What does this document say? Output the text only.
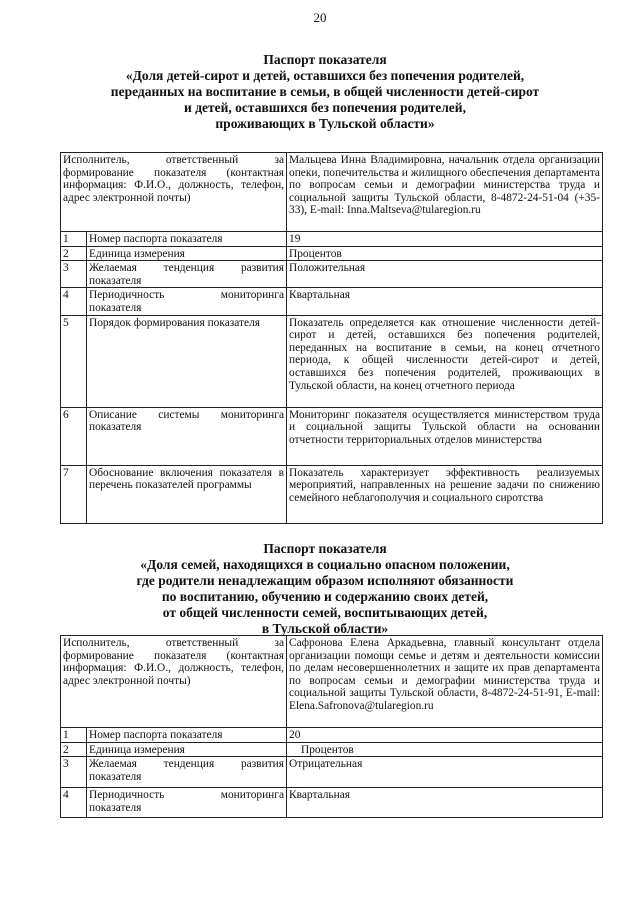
20
Паспорт показателя
«Доля детей-сирот и детей, оставшихся без попечения родителей,
переданных на воспитание в семьи, в общей численности детей-сирот
и детей, оставшихся без попечения родителей,
проживающих в Тульской области»
Исполнитель, ответственный за формирование показателя (контактная информация: Ф.И.О., должность, телефон, адрес электронной почты)		Мальцева Инна Владимировна, начальник отдела организации опеки, попечительства и жилищного обеспечения департамента по вопросам семьи и демографии министерства труда и социальной защиты Тульской области, 8-4872-24-51-04 (+35-33), E-mail: Inna.Maltseva@tularegion.ru
1	Номер паспорта показателя	19
2	Единица измерения	Процентов
3	Желаемая тенденция развития показателя	Положительная
4	Периодичность мониторинга показателя	Квартальная
5	Порядок формирования показателя	Показатель определяется как отношение численности детей-сирот и детей, оставшихся без попечения родителей, переданных на воспитание в семьи, на конец отчетного периода, к общей численности детей-сирот и детей, оставшихся без попечения родителей, проживающих в Тульской области, на конец отчетного периода
6	Описание системы мониторинга показателя	Мониторинг показателя осуществляется министерством труда и социальной защиты Тульской области на основании отчетности территориальных отделов министерства
7	Обоснование включения показателя в перечень показателей программы	Показатель характеризует эффективность реализуемых мероприятий, направленных на решение задачи по снижению семейного неблагополучия и социального сиротства
Паспорт показателя
«Доля семей, находящихся в социально опасном положении,
где родители ненадлежащим образом исполняют обязанности
по воспитанию, обучению и содержанию своих детей,
от общей численности семей, воспитывающих детей,
в Тульской области»
Исполнитель, ответственный за формирование показателя (контактная информация: Ф.И.О., должность, телефон, адрес электронной почты)		Сафронова Елена Аркадьевна, главный консультант отдела организации помощи семье и детям и деятельности комиссии по делам несовершеннолетних и защите их прав департамента по вопросам семьи и демографии министерства труда и социальной защиты Тульской области, 8-4872-24-51-91, E-mail: Elena.Safronova@tularegion.ru
1	Номер паспорта показателя	20
2	Единица измерения	Процентов
3	Желаемая тенденция развития показателя	Отрицательная
4	Периодичность мониторинга показателя	Квартальная
